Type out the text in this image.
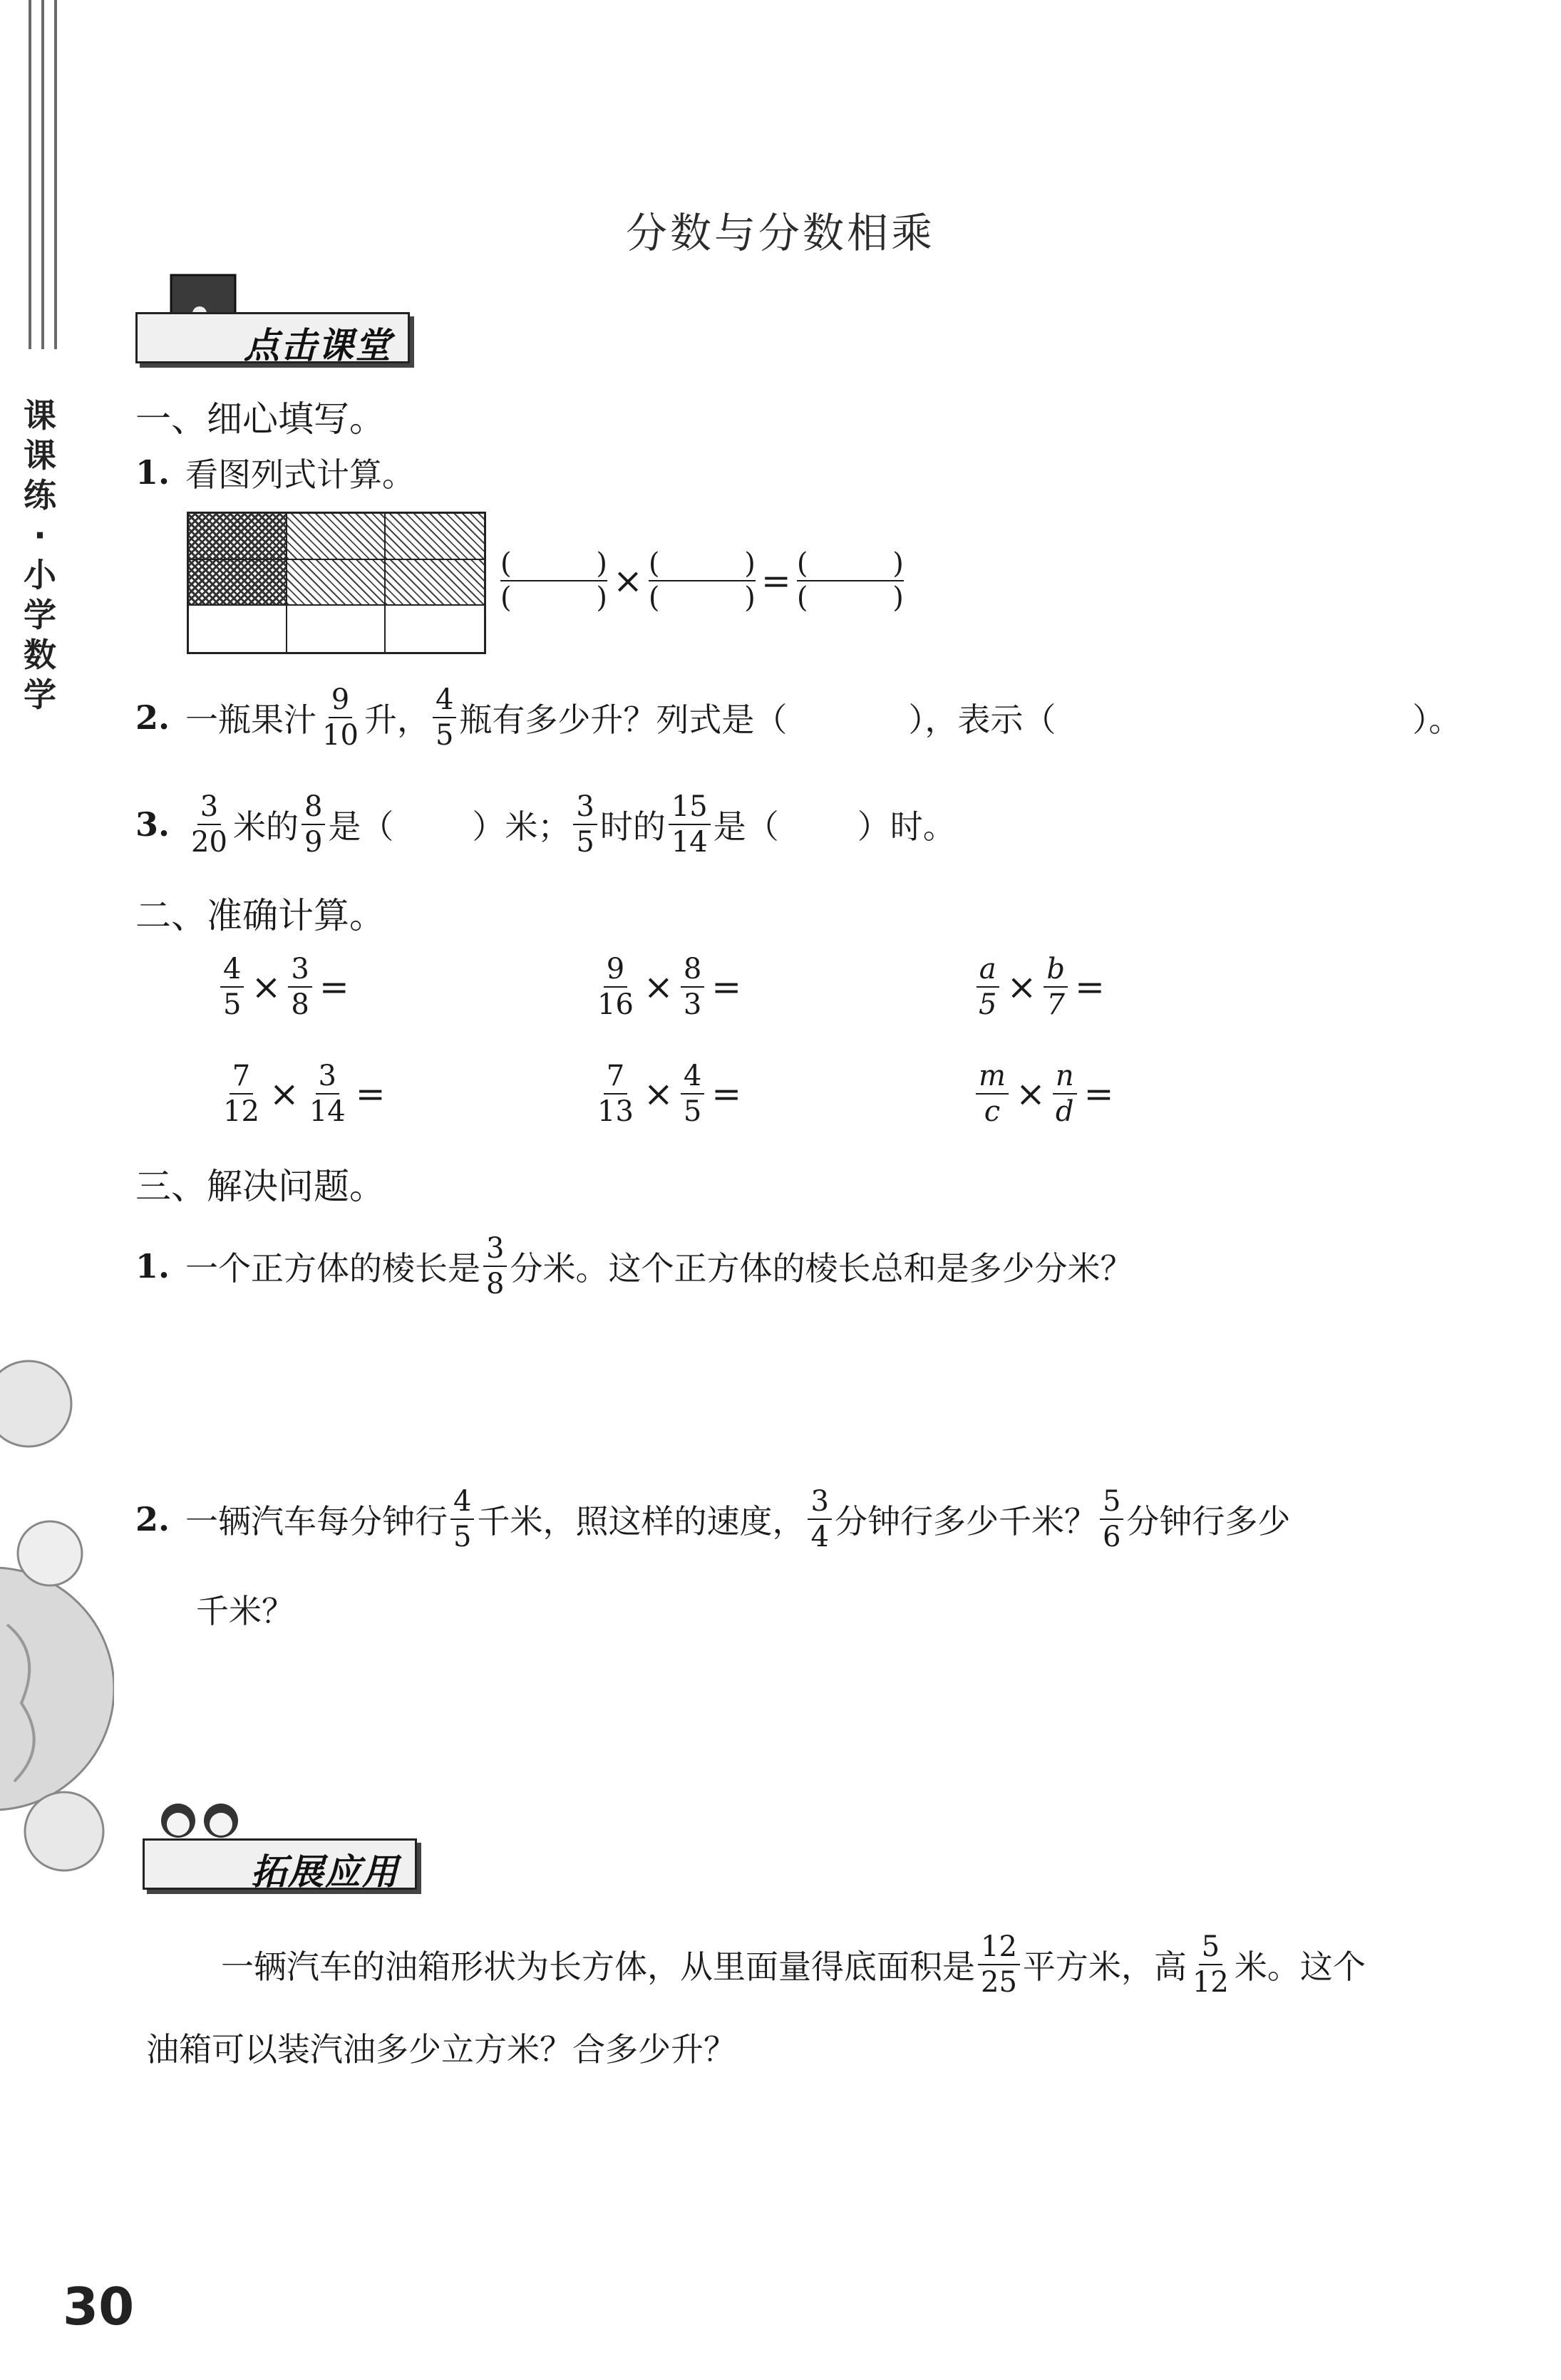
课
课
练
·
小
学
数
学
分数与分数相乘
点击课堂
一、细心填写。
1. 看图列式计算。
(	)
(	) × (	)
(	) = (	)
(	)
2. 一瓶果汁 $\frac{9}{10}$ 升， $\frac{4}{5}$ 瓶有多少升？列式是（	），表示（	）。
3. $\frac{3}{20}$ 米的 $\frac{8}{9}$ 是（ ）米； $\frac{3}{5}$ 时的 $\frac{15}{14}$ 是（ ）时。
二、准确计算。
$\frac{4}{5} \times \frac{3}{8}$ =	$\frac{9}{16} \times \frac{8}{3}$ =	$\frac{a}{5} \times \frac{b}{7}$ =
$\frac{7}{12} \times \frac{3}{14}$ =	$\frac{7}{13} \times \frac{4}{5}$ =	$\frac{m}{c} \times \frac{n}{d}$ =
三、解决问题。
1. 一个正方体的棱长是 $\frac{3}{8}$ 分米。这个正方体的棱长总和是多少分米？
2. 一辆汽车每分钟行 $\frac{4}{5}$ 千米，照这样的速度， $\frac{3}{4}$ 分钟行多少千米？ $\frac{5}{6}$ 分钟行多少
千米？
拓展应用
一辆汽车的油箱形状为长方体，从里面量得底面积是 $\frac{12}{25}$ 平方米，高 $\frac{5}{12}$ 米。这个
油箱可以装汽油多少立方米？合多少升？
30
